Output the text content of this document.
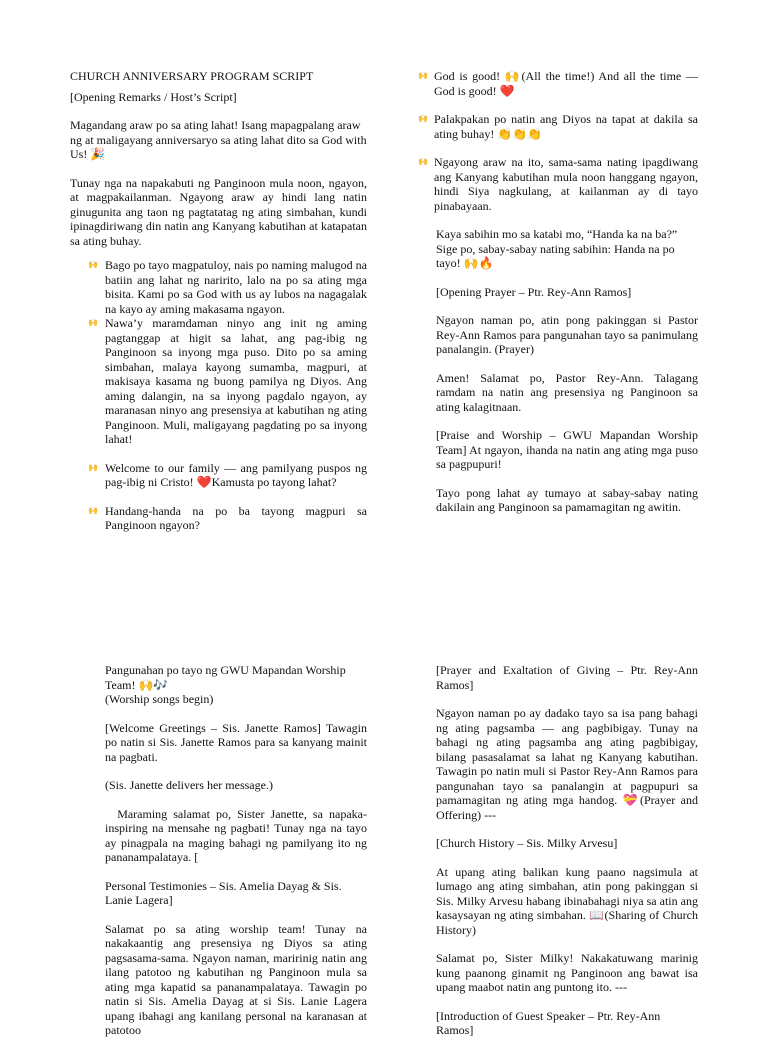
CHURCH ANNIVERSARY PROGRAM SCRIPT

[Opening Remarks / Host’s Script]

Magandang araw po sa ating lahat! Isang mapagpalang araw ng at maligayang anniversaryo sa ating lahat dito sa God with Us! 🎉

Tunay nga na napakabuti ng Panginoon mula noon, ngayon, at magpakailanman. Ngayong araw ay hindi lang natin ginugunita ang taon ng pagtatatag ng ating simbahan, kundi ipinagdiriwang din natin ang Kanyang kabutihan at katapatan sa ating buhay.

🙌 Bago po tayo magpatuloy, nais po naming malugod na batiin ang lahat ng naririto, lalo na po sa ating mga bisita. Kami po sa God with us ay lubos na nagagalak na kayo ay aming makasama ngayon.
🙌 Nawa’y maramdaman ninyo ang init ng aming pagtanggap at higit sa lahat, ang pag-ibig ng Panginoon sa inyong mga puso. Dito po sa aming simbahan, malaya kayong sumamba, magpuri, at makisaya kasama ng buong pamilya ng Diyos. Ang aming dalangin, na sa inyong pagdalo ngayon, ay maranasan ninyo ang presensiya at kabutihan ng ating Panginoon. Muli, maligayang pagdating po sa inyong lahat!
🙌 Welcome to our family — ang pamilyang puspos ng pag-ibig ni Cristo! ❤️Kamusta po tayong lahat?
🙌 Handang-handa na po ba tayong magpuri sa Panginoon ngayon?
🙌 God is good! 🙌(All the time!) And all the time — God is good! ❤️
🙌 Palakpakan po natin ang Diyos na tapat at dakila sa ating buhay! 👏👏👏
🙌 Ngayong araw na ito, sama-sama nating ipagdiwang ang Kanyang kabutihan mula noon hanggang ngayon, hindi Siya nagkulang, at kailanman ay di tayo pinabayaan.

Kaya sabihin mo sa katabi mo, “Handa ka na ba?” Sige po, sabay-sabay nating sabihin: Handa na po tayo! 🙌🔥

[Opening Prayer – Ptr. Rey-Ann Ramos]

Ngayon naman po, atin pong pakinggan si Pastor Rey-Ann Ramos para pangunahan tayo sa panimulang panalangin. (Prayer)

Amen! Salamat po, Pastor Rey-Ann. Talagang ramdam na natin ang presensiya ng Panginoon sa ating kalagitnaan.

[Praise and Worship – GWU Mapandan Worship Team] At ngayon, ihanda na natin ang ating mga puso sa pagpupuri!

Tayo pong lahat ay tumayo at sabay-sabay nating dakilain ang Panginoon sa pamamagitan ng awitin.

Pangunahan po tayo ng GWU Mapandan Worship Team! 🙌🎶
(Worship songs begin)

[Welcome Greetings – Sis. Janette Ramos] Tawagin po natin si Sis. Janette Ramos para sa kanyang mainit na pagbati.

(Sis. Janette delivers her message.)

Maraming salamat po, Sister Janette, sa napaka-inspiring na mensahe ng pagbati! Tunay nga na tayo ay pinagpala na maging bahagi ng pamilyang ito ng pananampalataya. [

Personal Testimonies – Sis. Amelia Dayag & Sis. Lanie Lagera]

Salamat po sa ating worship team! Tunay na nakakaantig ang presensiya ng Diyos sa ating pagsasama-sama. Ngayon naman, maririnig natin ang ilang patotoo ng kabutihan ng Panginoon mula sa ating mga kapatid sa pananampalataya. Tawagin po natin si Sis. Amelia Dayag at si Sis. Lanie Lagera upang ibahagi ang kanilang personal na karanasan at patotoo

[Prayer and Exaltation of Giving – Ptr. Rey-Ann Ramos]

Ngayon naman po ay dadako tayo sa isa pang bahagi ng ating pagsamba — ang pagbibigay. Tunay na bahagi ng ating pagsamba ang ating pagbibigay, bilang pasasalamat sa lahat ng Kanyang kabutihan. Tawagin po natin muli si Pastor Rey-Ann Ramos para pangunahan tayo sa panalangin at pagpupuri sa pamamagitan ng ating mga handog. 💝(Prayer and Offering) ---

[Church History – Sis. Milky Arvesu]

At upang ating balikan kung paano nagsimula at lumago ang ating simbahan, atin pong pakinggan si Sis. Milky Arvesu habang ibinabahagi niya sa atin ang kasaysayan ng ating simbahan. 📖(Sharing of Church History)

Salamat po, Sister Milky! Nakakatuwang marinig kung paanong ginamit ng Panginoon ang bawat isa upang maabot natin ang puntong ito. ---

[Introduction of Guest Speaker – Ptr. Rey-Ann Ramos]
